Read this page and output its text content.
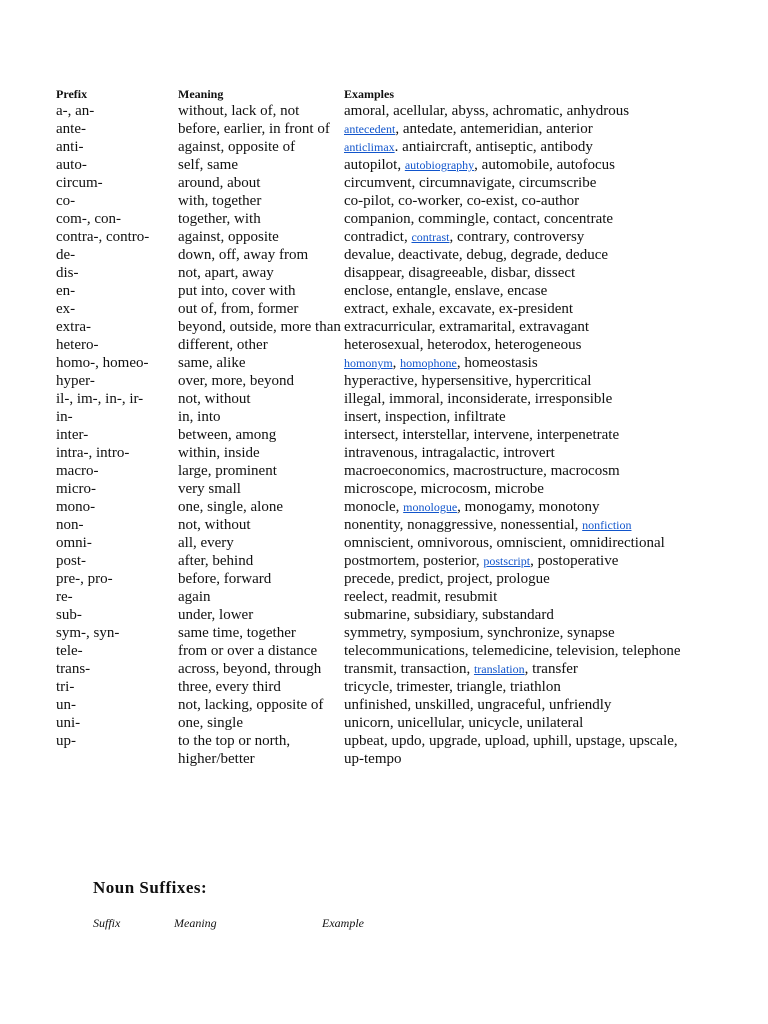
Prefix	Meaning	Examples
a-, an-	without, lack of, not	amoral, acellular, abyss, achromatic, anhydrous
ante-	before, earlier, in front of	antecedent, antedate, antemeridian, anterior
anti-	against, opposite of	anticlimax. antiaircraft, antiseptic, antibody
auto-	self, same	autopilot, autobiography, automobile, autofocus
circum-	around, about	circumvent, circumnavigate, circumscribe
co-	with, together	co-pilot, co-worker, co-exist, co-author
com-, con-	together, with	companion, commingle, contact, concentrate
contra-, contro-	against, opposite	contradict, contrast, contrary, controversy
de-	down, off, away from	devalue, deactivate, debug, degrade, deduce
dis-	not, apart, away	disappear, disagreeable, disbar, dissect
en-	put into, cover with	enclose, entangle, enslave, encase
ex-	out of, from, former	extract, exhale, excavate, ex-president
extra-	beyond, outside, more than	extracurricular, extramarital, extravagant
hetero-	different, other	heterosexual, heterodox, heterogeneous
homo-, homeo-	same, alike	homonym, homophone, homeostasis
hyper-	over, more, beyond	hyperactive, hypersensitive, hypercritical
il-, im-, in-, ir-	not, without	illegal, immoral, inconsiderate, irresponsible
in-	in, into	insert, inspection, infiltrate
inter-	between, among	intersect, interstellar, intervene, interpenetrate
intra-, intro-	within, inside	intravenous, intragalactic, introvert
macro-	large, prominent	macroeconomics, macrostructure, macrocosm
micro-	very small	microscope, microcosm, microbe
mono-	one, single, alone	monocle, monologue, monogamy, monotony
non-	not, without	nonentity, nonaggressive, nonessential, nonfiction
omni-	all, every	omniscient, omnivorous, omniscient, omnidirectional
post-	after, behind	postmortem, posterior, postscript, postoperative
pre-, pro-	before, forward	precede, predict, project, prologue
re-	again	reelect, readmit, resubmit
sub-	under, lower	submarine, subsidiary, substandard
sym-, syn-	same time, together	symmetry, symposium, synchronize, synapse
tele-	from or over a distance	telecommunications, telemedicine, television, telephone
trans-	across, beyond, through	transmit, transaction, translation, transfer
tri-	three, every third	tricycle, trimester, triangle, triathlon
un-	not, lacking, opposite of	unfinished, unskilled, ungraceful, unfriendly
uni-	one, single	unicorn, unicellular, unicycle, unilateral
up-	to the top or north, higher/better	upbeat, updo, upgrade, upload, uphill, upstage, upscale, up-tempo
Noun Suffixes:
Suffix	Meaning	Example
